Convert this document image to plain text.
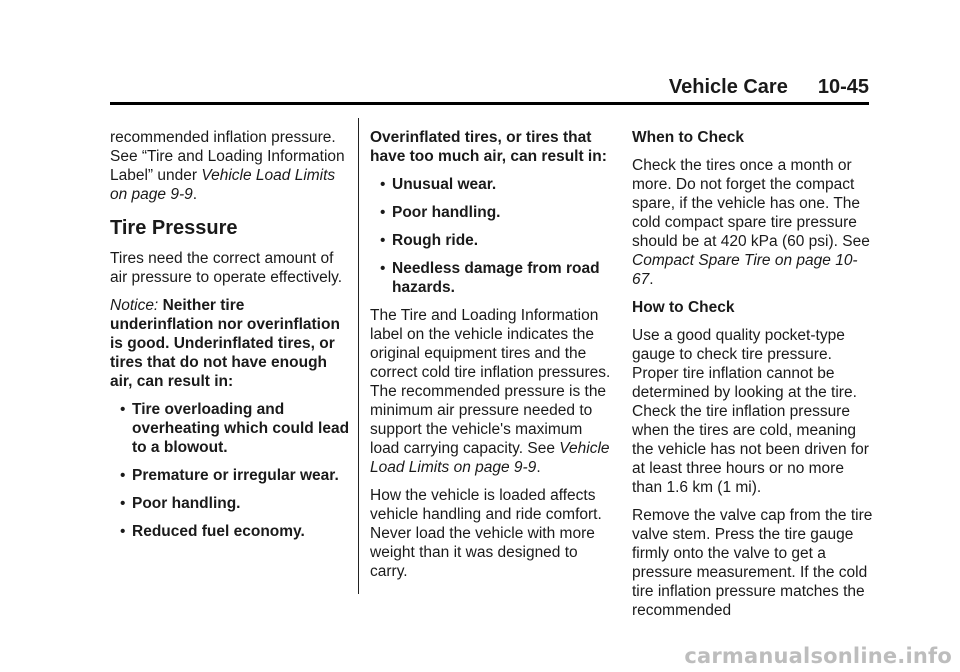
Vehicle Care 10-45

recommended inflation pressure. See “Tire and Loading Information Label” under Vehicle Load Limits on page 9-9.

Tire Pressure

Tires need the correct amount of air pressure to operate effectively.

Notice: Neither tire underinflation nor overinflation is good. Underinflated tires, or tires that do not have enough air, can result in:

• Tire overloading and overheating which could lead to a blowout.
• Premature or irregular wear.
• Poor handling.
• Reduced fuel economy.

Overinflated tires, or tires that have too much air, can result in:

• Unusual wear.
• Poor handling.
• Rough ride.
• Needless damage from road hazards.

The Tire and Loading Information label on the vehicle indicates the original equipment tires and the correct cold tire inflation pressures. The recommended pressure is the minimum air pressure needed to support the vehicle's maximum load carrying capacity. See Vehicle Load Limits on page 9-9.

How the vehicle is loaded affects vehicle handling and ride comfort. Never load the vehicle with more weight than it was designed to carry.

When to Check

Check the tires once a month or more. Do not forget the compact spare, if the vehicle has one. The cold compact spare tire pressure should be at 420 kPa (60 psi). See Compact Spare Tire on page 10-67.

How to Check

Use a good quality pocket-type gauge to check tire pressure. Proper tire inflation cannot be determined by looking at the tire. Check the tire inflation pressure when the tires are cold, meaning the vehicle has not been driven for at least three hours or no more than 1.6 km (1 mi).

Remove the valve cap from the tire valve stem. Press the tire gauge firmly onto the valve to get a pressure measurement. If the cold tire inflation pressure matches the recommended

carmanualsonline.info
